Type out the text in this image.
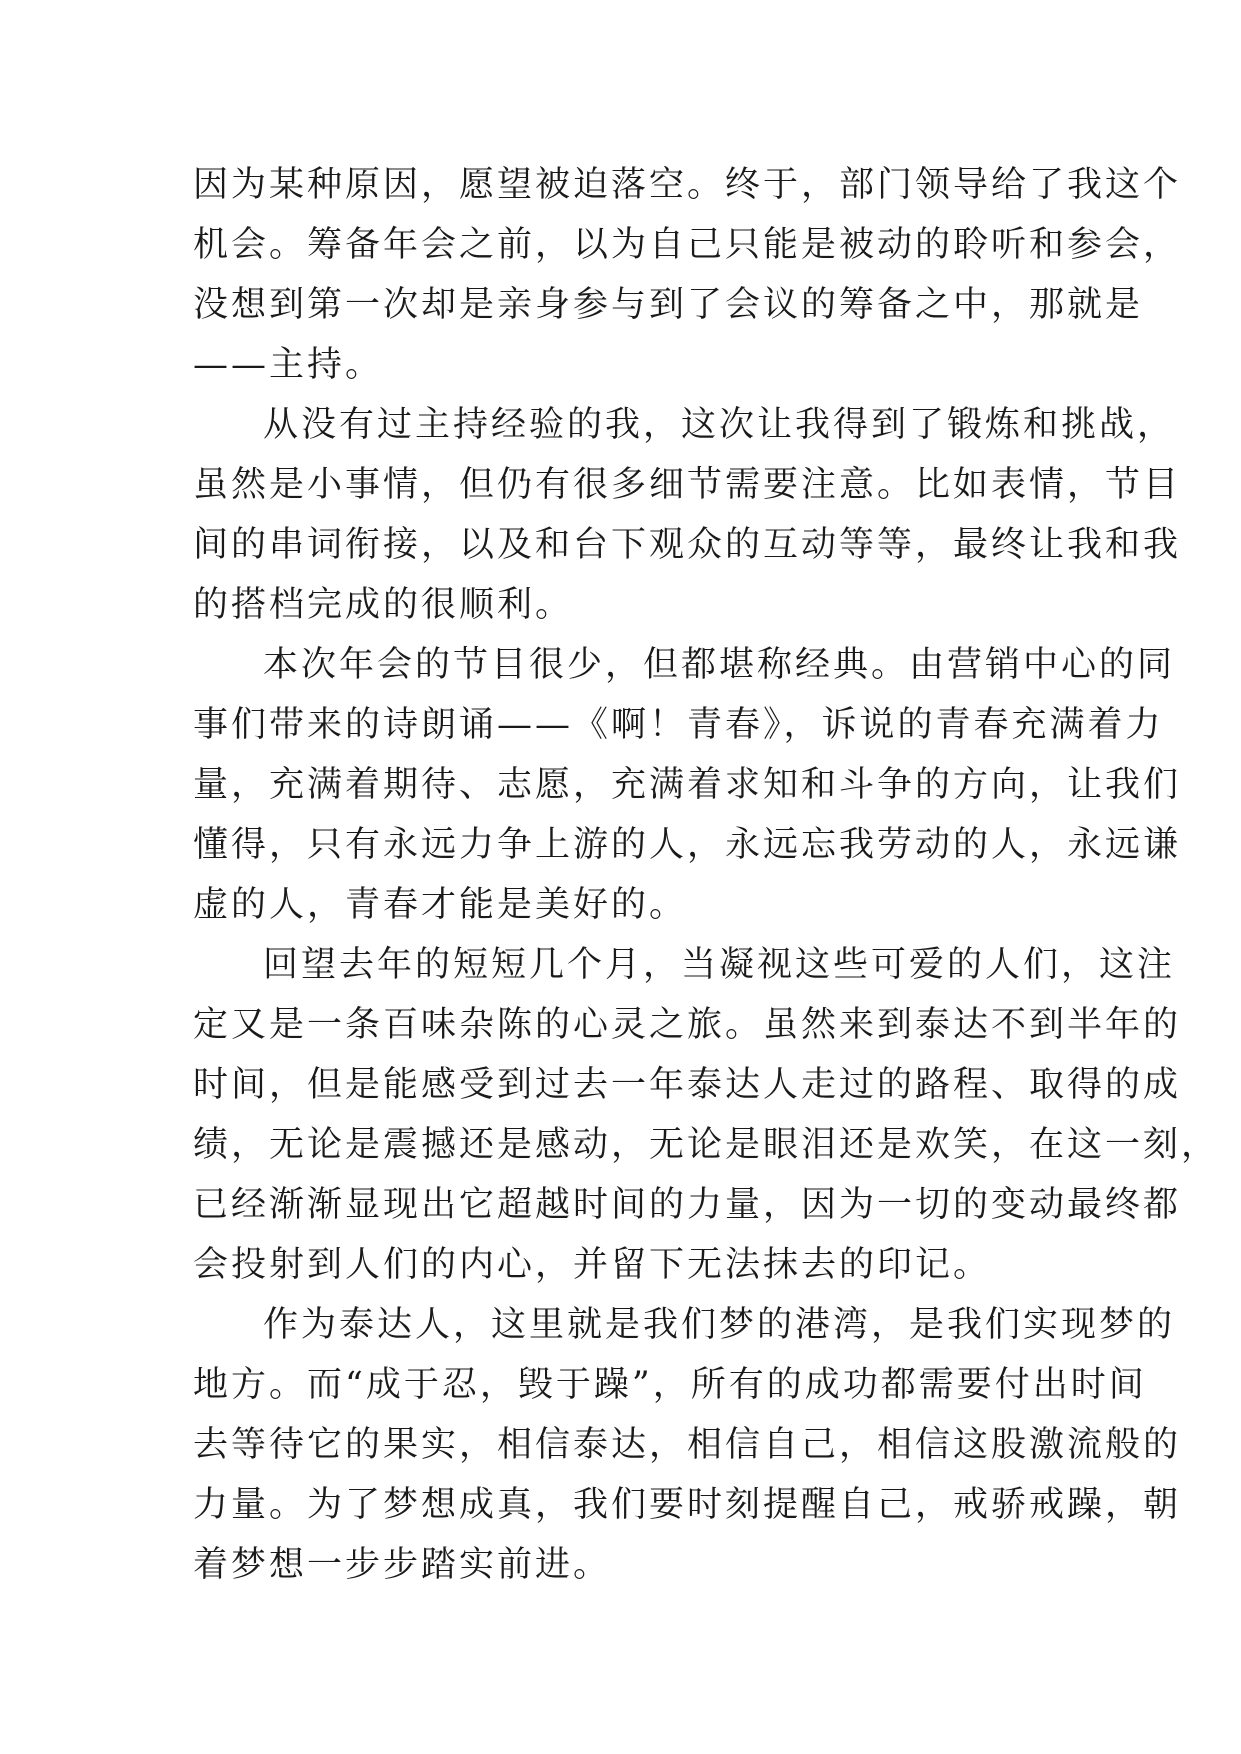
因为某种原因，愿望被迫落空。终于，部门领导给了我这个
机会。筹备年会之前，以为自己只能是被动的聆听和参会，
没想到第一次却是亲身参与到了会议的筹备之中，那就是
——主持。
从没有过主持经验的我，这次让我得到了锻炼和挑战，
虽然是小事情，但仍有很多细节需要注意。比如表情，节目
间的串词衔接，以及和台下观众的互动等等，最终让我和我
的搭档完成的很顺利。
本次年会的节目很少，但都堪称经典。由营销中心的同
事们带来的诗朗诵——《啊！青春》，诉说的青春充满着力
量，充满着期待、志愿，充满着求知和斗争的方向，让我们
懂得，只有永远力争上游的人，永远忘我劳动的人，永远谦
虚的人，青春才能是美好的。
回望去年的短短几个月，当凝视这些可爱的人们，这注
定又是一条百味杂陈的心灵之旅。虽然来到泰达不到半年的
时间，但是能感受到过去一年泰达人走过的路程、取得的成
绩，无论是震撼还是感动，无论是眼泪还是欢笑，在这一刻，
已经渐渐显现出它超越时间的力量，因为一切的变动最终都
会投射到人们的内心，并留下无法抹去的印记。
作为泰达人，这里就是我们梦的港湾，是我们实现梦的
地方。而“成于忍，毁于躁”，所有的成功都需要付出时间
去等待它的果实，相信泰达，相信自己，相信这股激流般的
力量。为了梦想成真，我们要时刻提醒自己，戒骄戒躁，朝
着梦想一步步踏实前进。
